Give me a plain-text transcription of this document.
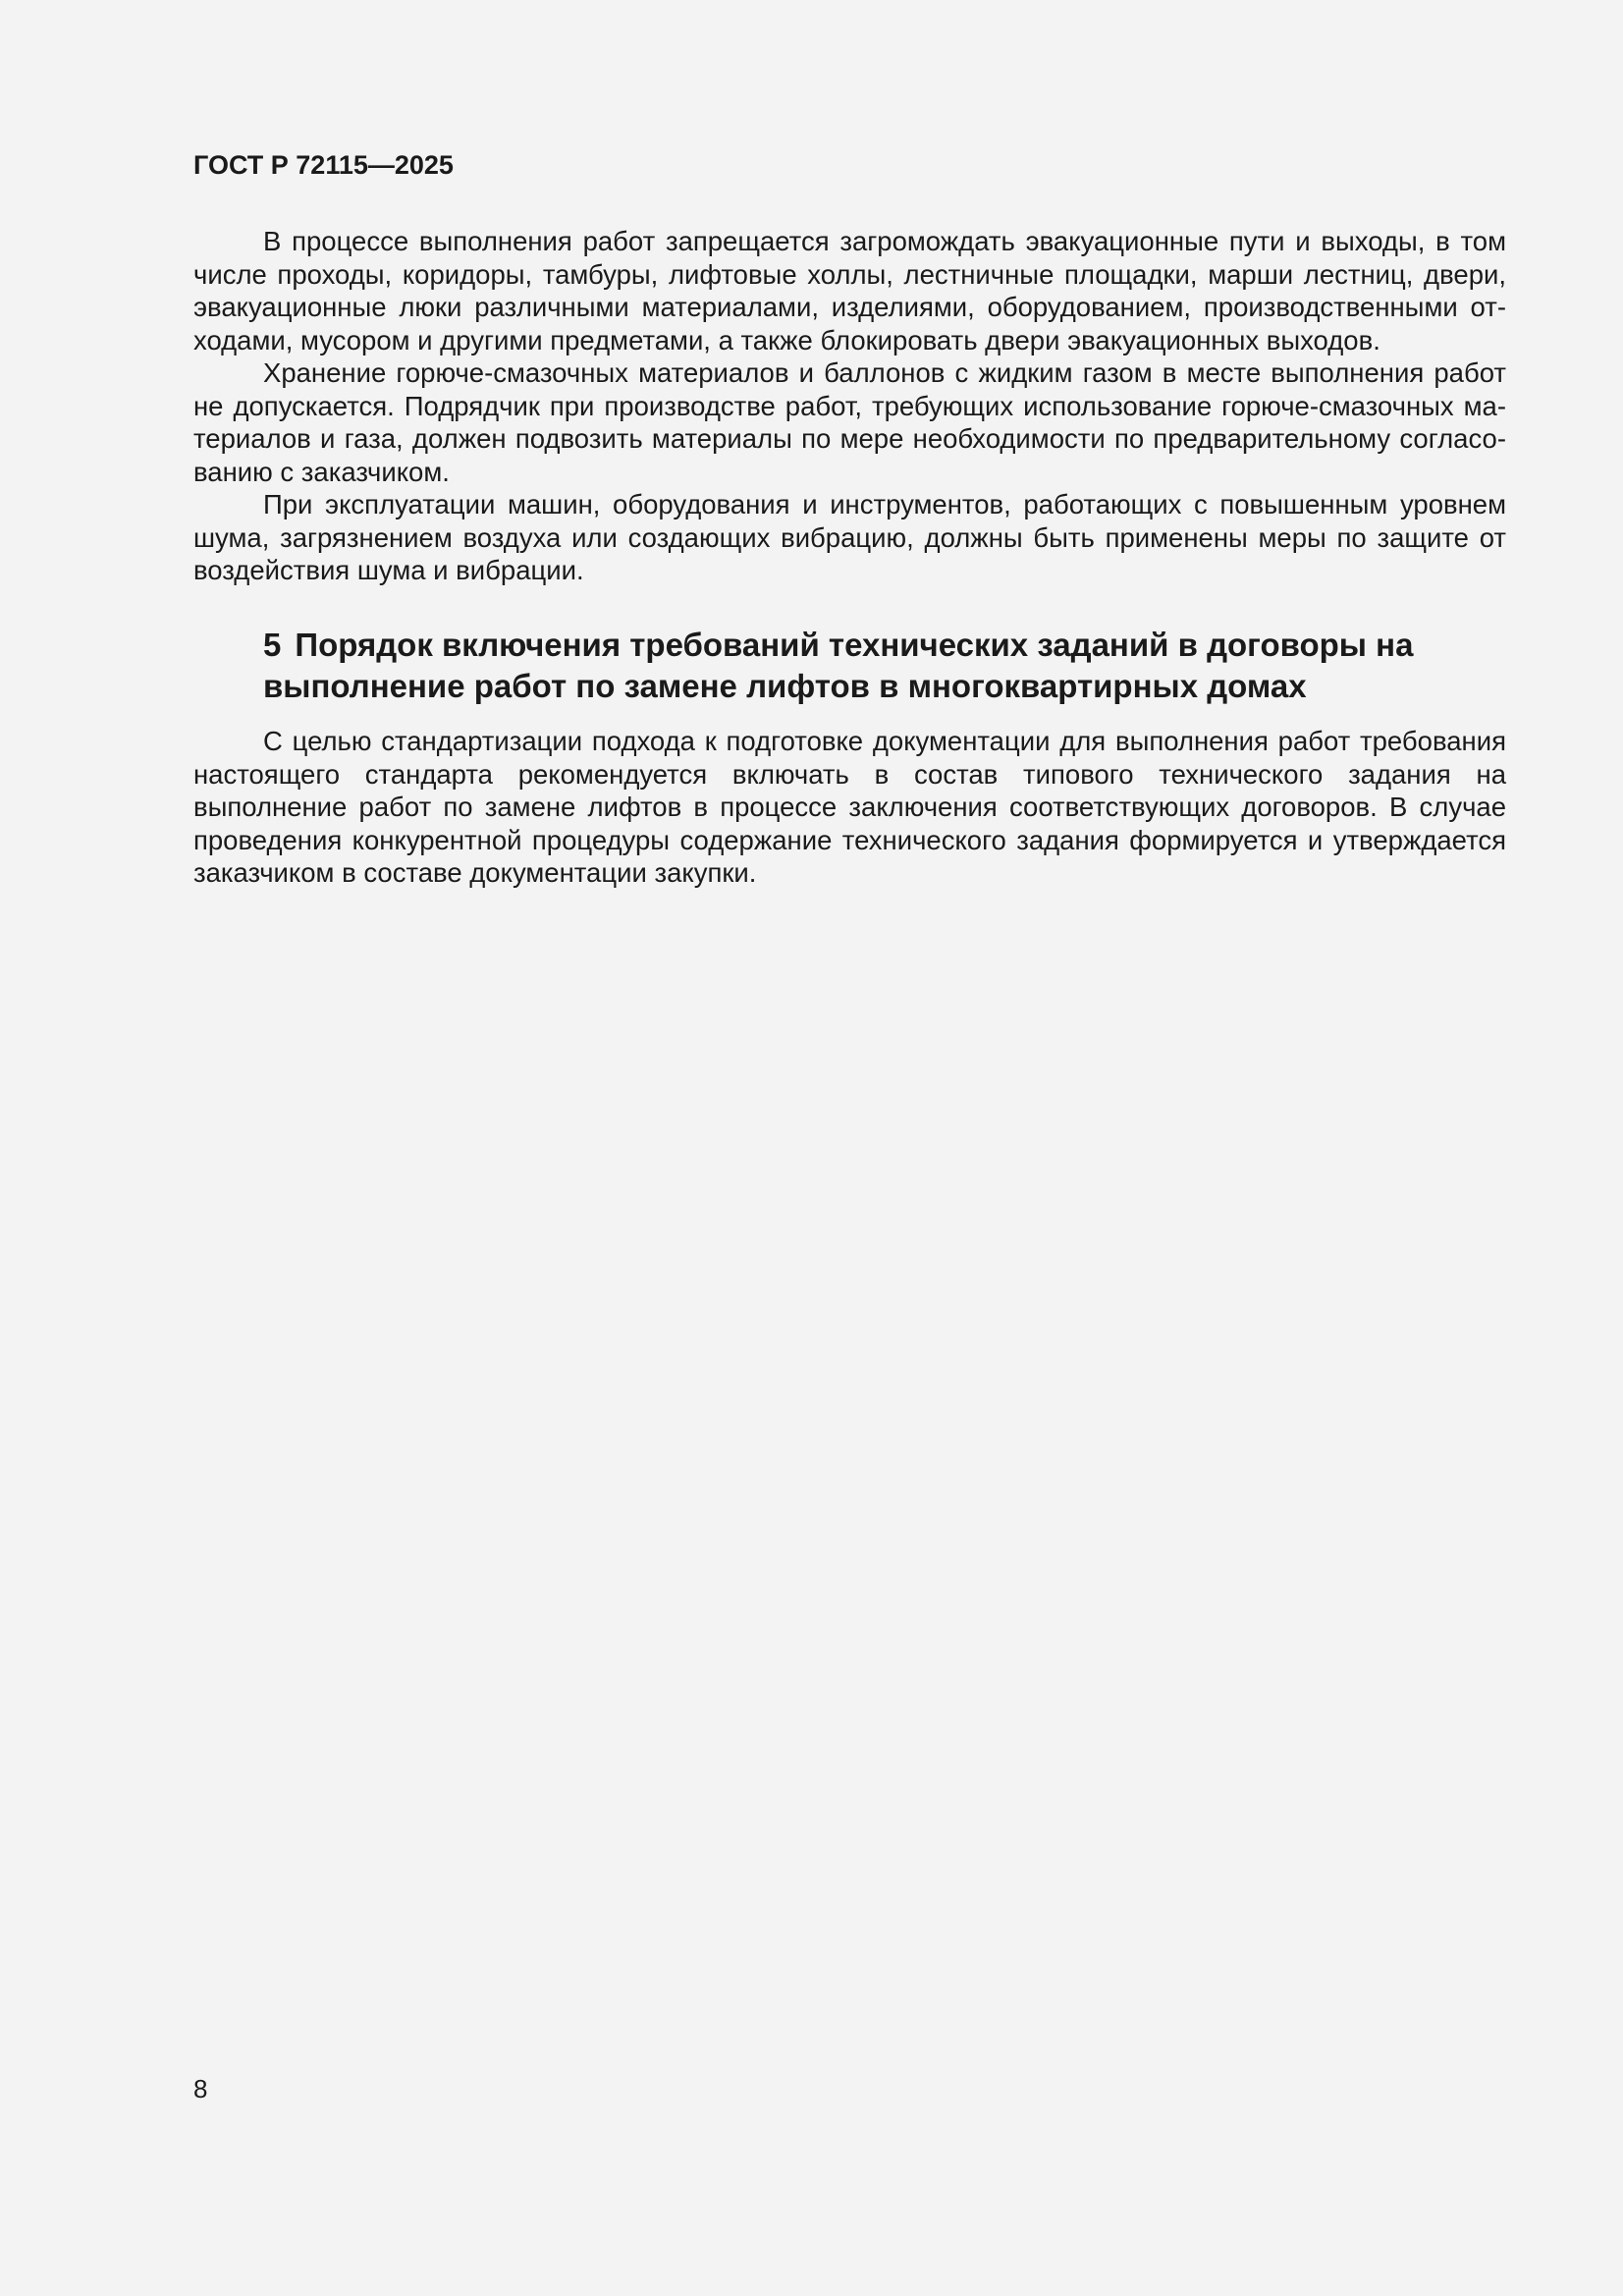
ГОСТ Р 72115—2025

В процессе выполнения работ запрещается загромождать эвакуационные пути и выходы, в том числе проходы, коридоры, тамбуры, лифтовые холлы, лестничные площадки, марши лестниц, двери, эвакуационные люки различными материалами, изделиями, оборудованием, производственными отходами, мусором и другими предметами, а также блокировать двери эвакуационных выходов.

Хранение горюче-смазочных материалов и баллонов с жидким газом в месте выполнения работ не допускается. Подрядчик при производстве работ, требующих использование горюче-смазочных материалов и газа, должен подвозить материалы по мере необходимости по предварительному согласованию с заказчиком.

При эксплуатации машин, оборудования и инструментов, работающих с повышенным уровнем шума, загрязнением воздуха или создающих вибрацию, должны быть применены меры по защите от воздействия шума и вибрации.

5 Порядок включения требований технических заданий в договоры на выполнение работ по замене лифтов в многоквартирных домах

С целью стандартизации подхода к подготовке документации для выполнения работ требования настоящего стандарта рекомендуется включать в состав типового технического задания на выполнение работ по замене лифтов в процессе заключения соответствующих договоров. В случае проведения конкурентной процедуры содержание технического задания формируется и утверждается заказчиком в составе документации закупки.

8
